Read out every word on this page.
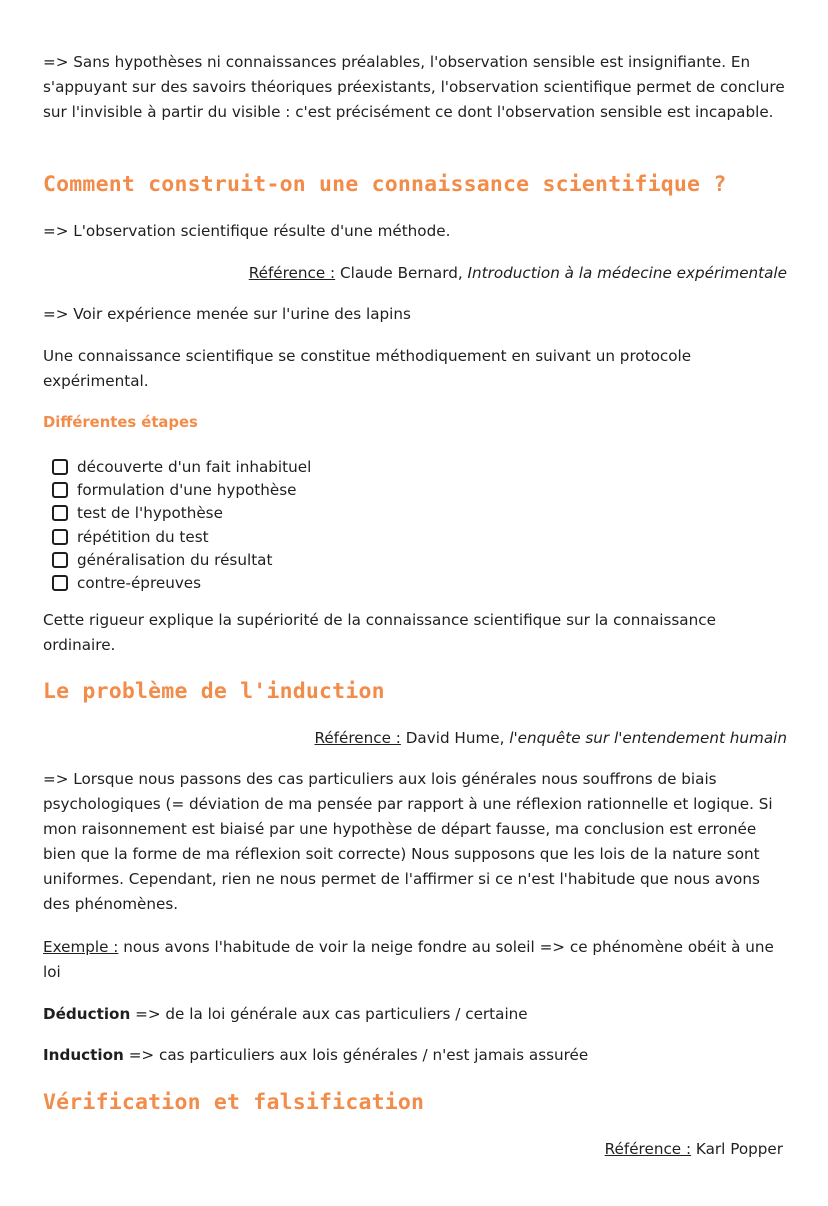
=> Sans hypothèses ni connaissances préalables, l'observation sensible est insignifiante. En s'appuyant sur des savoirs théoriques préexistants, l'observation scientifique permet de conclure sur l'invisible à partir du visible : c'est précisément ce dont l'observation sensible est incapable.

Comment construit-on une connaissance scientifique ?

=> L'observation scientifique résulte d'une méthode.

Référence : Claude Bernard, Introduction à la médecine expérimentale

=> Voir expérience menée sur l'urine des lapins

Une connaissance scientifique se constitue méthodiquement en suivant un protocole expérimental.

Différentes étapes
découverte d'un fait inhabituel
formulation d'une hypothèse
test de l'hypothèse
répétition du test
généralisation du résultat
contre-épreuves

Cette rigueur explique la supériorité de la connaissance scientifique sur la connaissance ordinaire.

Le problème de l'induction
Référence : David Hume, l'enquête sur l'entendement humain

=> Lorsque nous passons des cas particuliers aux lois générales nous souffrons de biais psychologiques (= déviation de ma pensée par rapport à une réflexion rationnelle et logique. Si mon raisonnement est biaisé par une hypothèse de départ fausse, ma conclusion est erronée bien que la forme de ma réflexion soit correcte) Nous supposons que les lois de la nature sont uniformes. Cependant, rien ne nous permet de l'affirmer si ce n'est l'habitude que nous avons des phénomènes.

Exemple : nous avons l'habitude de voir la neige fondre au soleil => ce phénomène obéit à une loi

Déduction => de la loi générale aux cas particuliers / certaine

Induction => cas particuliers aux lois générales / n'est jamais assurée

Vérification et falsification
Référence : Karl Popper
